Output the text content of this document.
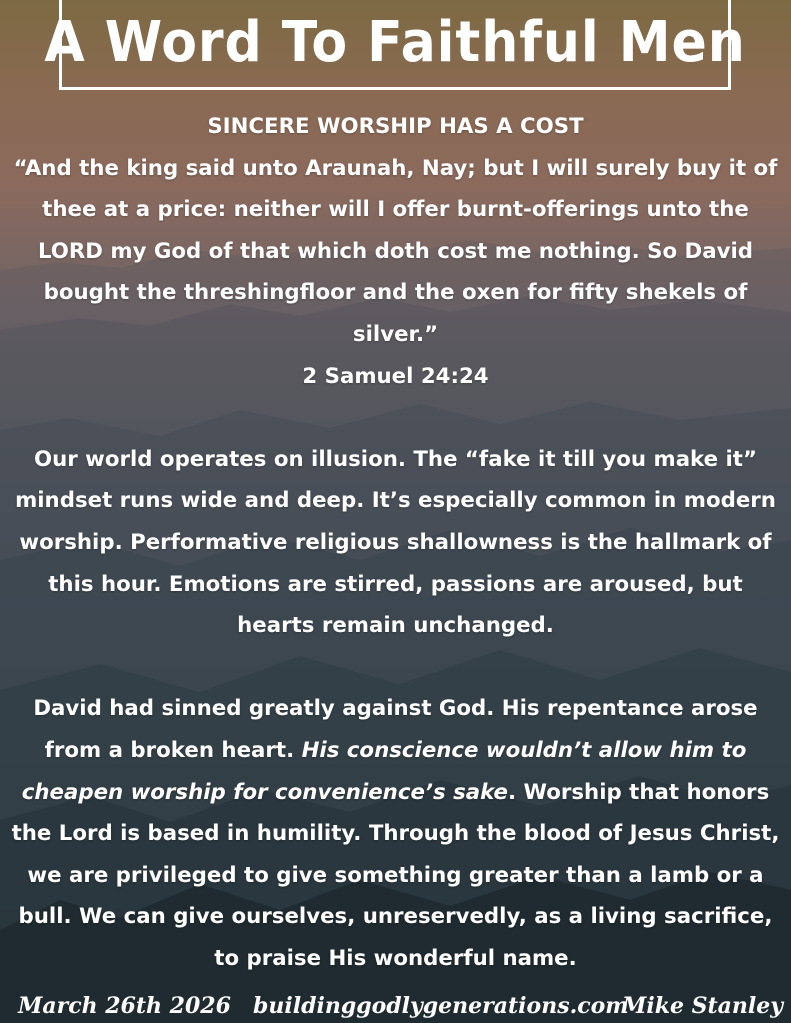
A Word To Faithful Men

SINCERE WORSHIP HAS A COST

“And the king said unto Araunah, Nay; but I will surely buy it of thee at a price: neither will I offer burnt-offerings unto the LORD my God of that which doth cost me nothing. So David bought the threshingfloor and the oxen for fifty shekels of silver.”

2 Samuel 24:24

Our world operates on illusion. The “fake it till you make it” mindset runs wide and deep. It’s especially common in modern worship. Performative religious shallowness is the hallmark of this hour. Emotions are stirred, passions are aroused, but hearts remain unchanged.

David had sinned greatly against God. His repentance arose from a broken heart. His conscience wouldn’t allow him to cheapen worship for convenience’s sake. Worship that honors the Lord is based in humility. Through the blood of Jesus Christ, we are privileged to give something greater than a lamb or a bull. We can give ourselves, unreservedly, as a living sacrifice, to praise His wonderful name.

March 26th 2026 buildinggodlygenerations.com
Mike Stanley
